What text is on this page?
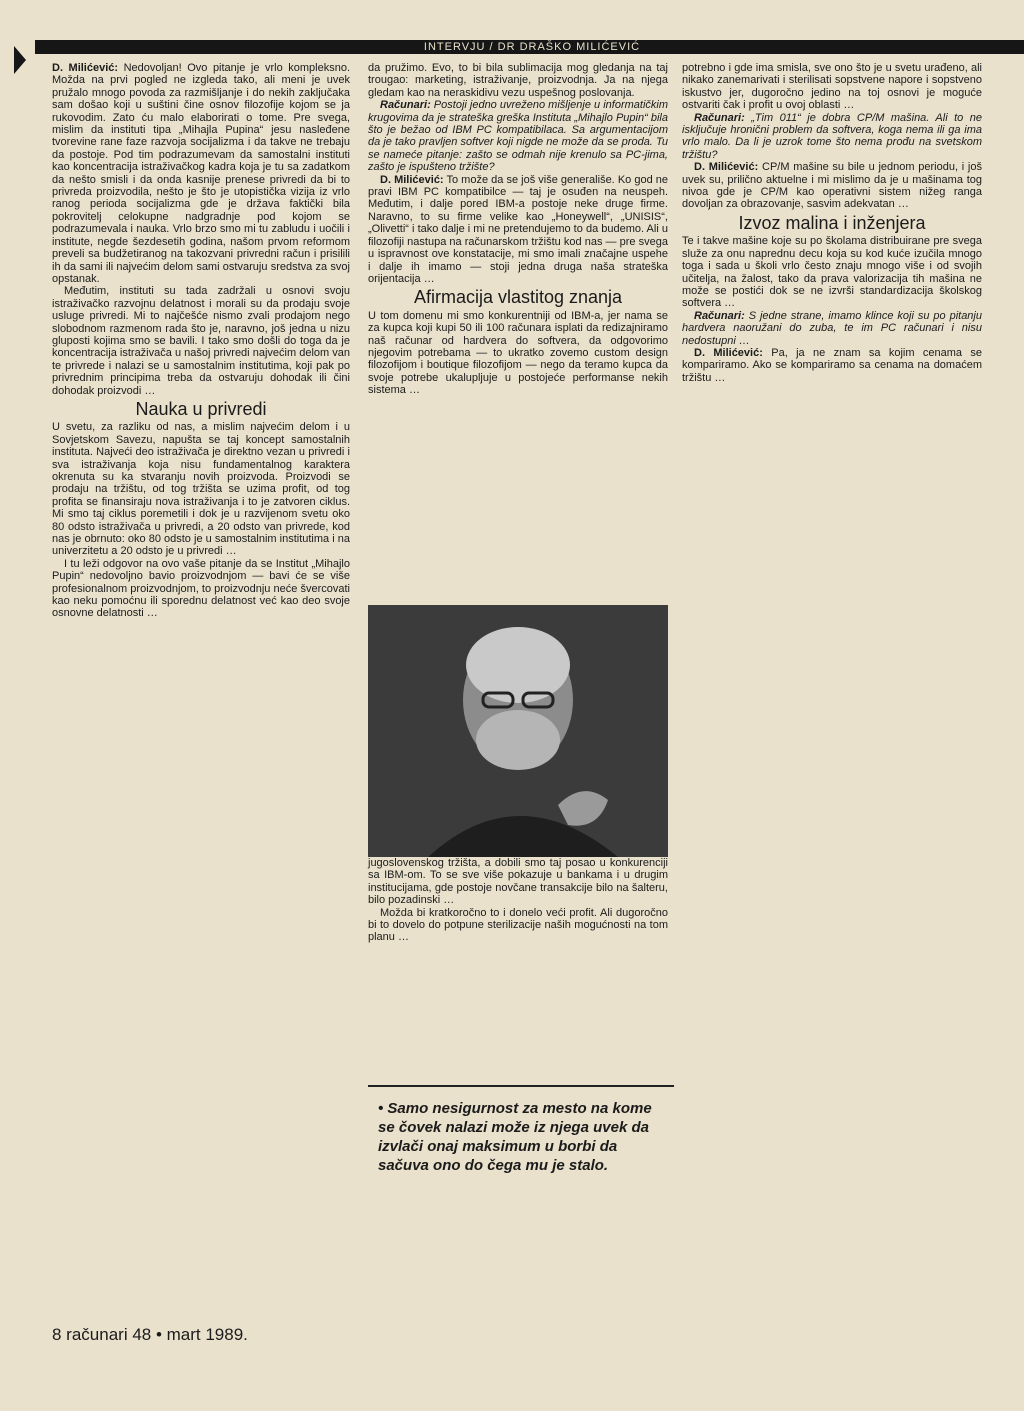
INTERVJU / DR DRAŠKO MILIĆEVIĆ

D. Milićević: Nedovoljan! Ovo pitanje je vrlo kompleksno. Možda na prvi pogled ne izgleda tako, ali meni je uvek pružalo mnogo povoda za razmišljanje i do nekih zaključaka sam došao koji u suštini čine osnov filozofije kojom se ja rukovodim. Zato ću malo elaborirati o tome. Pre svega, mislim da instituti tipa „Mihajla Pupina“ jesu nasleđene tvorevine rane faze razvoja socijalizma i da takve ne trebaju da postoje. Pod tim podrazumevam da samostalni instituti kao koncentracija istraživačkog kadra koja je tu sa zadatkom da nešto smisli i da onda kasnije prenese privredi da bi to privreda proizvodila, nešto je što je utopistička vizija iz vrlo ranog perioda socijalizma gde je država faktički bila pokrovitelj celokupne nadgradnje pod kojom se podrazumevala i nauka. Vrlo brzo smo mi tu zabludu i uočili i institute, negde šezdesetih godina, našom prvom reformom preveli sa budžetiranog na takozvani privredni račun i prisilili ih da sami ili najvećim delom sami ostvaruju sredstva za svoj opstanak.

Međutim, instituti su tada zadržali u osnovi svoju istraživačko razvojnu delatnost i morali su da prodaju svoje usluge privredi. Mi to najčešće nismo zvali prodajom nego slobodnom razmenom rada što je, naravno, još jedna u nizu gluposti kojima smo se bavili. I tako smo došli do toga da je koncentracija istraživača u našoj privredi najvećim delom van te privrede i nalazi se u samostalnim institutima, koji pak po privrednim principima treba da ostvaruju dohodak ili čini dohodak proizvodi …

Nauka u privredi

U svetu, za razliku od nas, a mislim najvećim delom i u Sovjetskom Savezu, napušta se taj koncept samostalnih instituta. Najveći deo istraživača je direktno vezan u privredi i sva istraživanja koja nisu fundamentalnog karaktera okrenuta su ka stvaranju novih proizvoda. Proizvodi se prodaju na tržištu, od tog tržišta se uzima profit, od tog profita se finansiraju nova istraživanja i to je zatvoren ciklus. Mi smo taj ciklus poremetili i dok je u razvijenom svetu oko 80 odsto istraživača u privredi, a 20 odsto van privrede, kod nas je obrnuto: oko 80 odsto je u samostalnim institutima i na univerzitetu a 20 odsto je u privredi …

I tu leži odgovor na ovo vaše pitanje da se Institut „Mihajlo Pupin“ nedovoljno bavio proizvodnjom — bavi će se više profesionalnom proizvodnjom, to proizvodnju neće švercovati kao neku pomoćnu ili sporednu delatnost već kao deo svoje osnovne delatnosti …

da pružimo. Evo, to bi bila sublimacija mog gledanja na taj trougao: marketing, istraživanje, proizvodnja. Ja na njega gledam kao na neraskidivu vezu uspešnog poslovanja.

Računari: Postoji jedno uvreženo mišljenje u informatičkim krugovima da je strateška greška Instituta „Mihajlo Pupin“ bila što je bežao od IBM PC kompatibilaca. Sa argumentacijom da je tako pravljen softver koji nigde ne može da se proda. Tu se nameće pitanje: zašto se odmah nije krenulo sa PC-jima, zašto je ispušteno tržište?

D. Milićević: To može da se još više generališe. Ko god ne pravi IBM PC kompatibilce — taj je osuđen na neuspeh. Međutim, i dalje pored IBM-a postoje neke druge firme. Naravno, to su firme velike kao „Honeywell“, „UNISIS“, „Olivetti“ i tako dalje i mi ne pretendujemo to da budemo. Ali u filozofiji nastupa na računarskom tržištu kod nas — pre svega u ispravnost ove konstatacije, mi smo imali značajne uspehe i dalje ih imamo — stoji jedna druga naša strateška orijentacija …

Afirmacija vlastitog znanja

U tom domenu mi smo konkurentniji od IBM-a, jer nama se za kupca koji kupi 50 ili 100 računara isplati da redizajniramo naš računar od hardvera do softvera, da odgovorimo njegovim potrebama — to ukratko zovemo custom design filozofijom i boutique filozofijom — nego da teramo kupca da svoje potrebe ukalupljuje u postojeće performanse nekih sistema …

jugoslovenskog tržišta, a dobili smo taj posao u konkurenciji sa IBM-om. To se sve više pokazuje u bankama i u drugim institucijama, gde postoje novčane transakcije bilo na šalteru, bilo pozadinski …

Možda bi kratkoročno to i donelo veći profit. Ali dugoročno bi to dovelo do potpune sterilizacije naših mogućnosti na tom planu …

• Samo nesigurnost za mesto na kome se čovek nalazi može iz njega uvek da izvlači onaj maksimum u borbi da sačuva ono do čega mu je stalo.

potrebno i gde ima smisla, sve ono što je u svetu urađeno, ali nikako zanemarivati i sterilisati sopstvene napore i sopstveno iskustvo jer, dugoročno jedino na toj osnovi je moguće ostvariti čak i profit u ovoj oblasti …

Računari: „Tim 011“ je dobra CP/M mašina. Ali to ne isključuje hronični problem da softvera, koga nema ili ga ima vrlo malo. Da li je uzrok tome što nema prođu na svetskom tržištu?

D. Milićević: CP/M mašine su bile u jednom periodu, i još uvek su, prilično aktuelne i mi mislimo da je u mašinama tog nivoa gde je CP/M kao operativni sistem nižeg ranga dovoljan za obrazovanje, sasvim adekvatan …

Izvoz malina i inženjera

Te i takve mašine koje su po školama distribuirane pre svega služe za onu naprednu decu koja su kod kuće izučila mnogo toga i sada u školi vrlo često znaju mnogo više i od svojih učitelja, na žalost, tako da prava valorizacija tih mašina ne može se postići dok se ne izvrši standardizacija školskog softvera …

Računari: S jedne strane, imamo klince koji su po pitanju hardvera naoružani do zuba, te im PC računari i nisu nedostupni …

D. Milićević: Pa, ja ne znam sa kojim cenama se kompariramo. Ako se kompariramo sa cenama na domaćem tržištu …

8 računari 48 • mart 1989.
